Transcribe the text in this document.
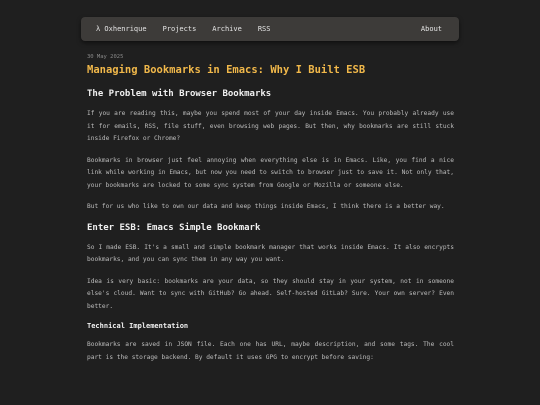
λ Oxhenrique Projects Archive RSS	About
30 May 2025
Managing Bookmarks in Emacs: Why I Built ESB
The Problem with Browser Bookmarks

If you are reading this, maybe you spend most of your day inside Emacs. You probably already use it for emails, RSS, file stuff, even browsing web pages. But then, why bookmarks are still stuck inside Firefox or Chrome?

Bookmarks in browser just feel annoying when everything else is in Emacs. Like, you find a nice link while working in Emacs, but now you need to switch to browser just to save it. Not only that, your bookmarks are locked to some sync system from Google or Mozilla or someone else.

But for us who like to own our data and keep things inside Emacs, I think there is a better way.

Enter ESB: Emacs Simple Bookmark

So I made ESB. It's a small and simple bookmark manager that works inside Emacs. It also encrypts bookmarks, and you can sync them in any way you want.

Idea is very basic: bookmarks are your data, so they should stay in your system, not in someone else's cloud. Want to sync with GitHub? Go ahead. Self-hosted GitLab? Sure. Your own server? Even better.

Technical Implementation

Bookmarks are saved in JSON file. Each one has URL, maybe description, and some tags. The cool part is the storage backend. By default it uses GPG to encrypt before saving:
